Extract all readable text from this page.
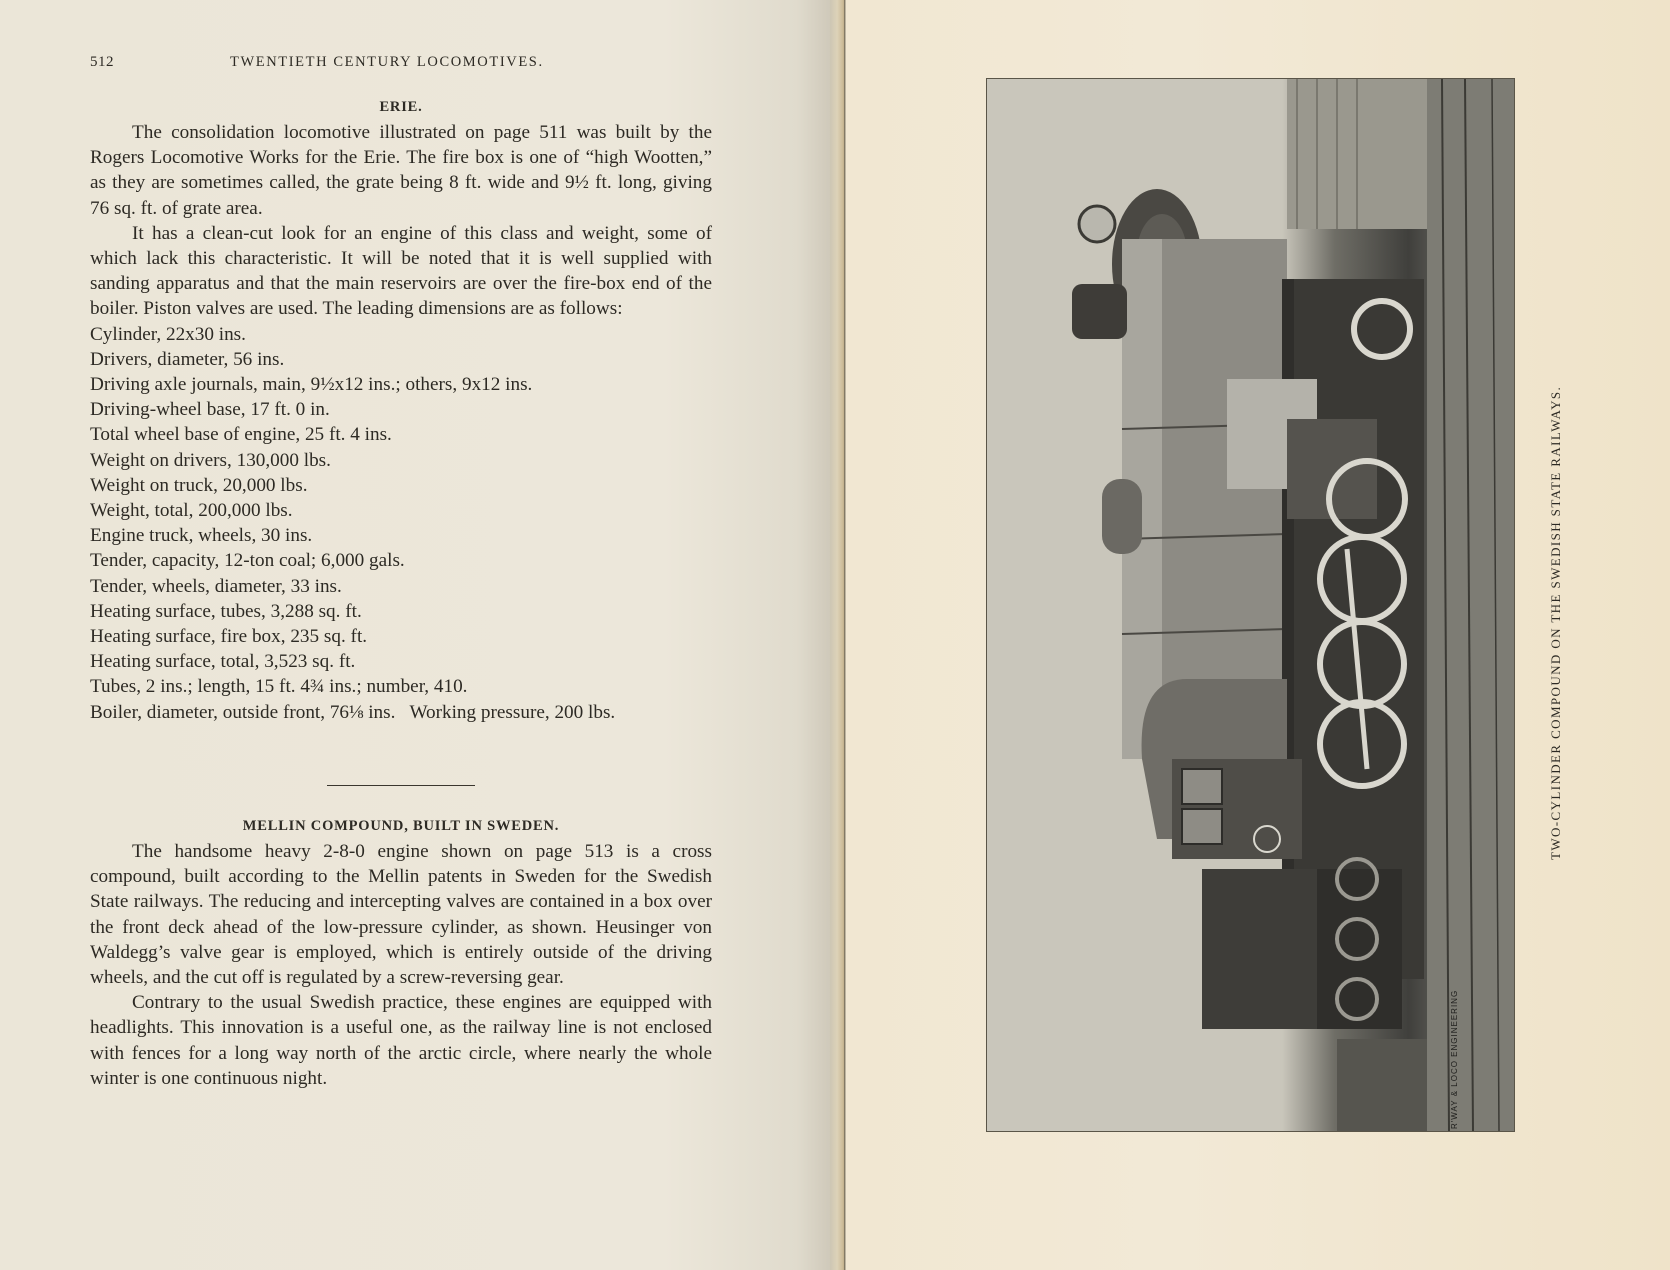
512	TWENTIETH CENTURY LOCOMOTIVES.
ERIE.

The consolidation locomotive illustrated on page 511 was built by the Rogers Locomotive Works for the Erie. The fire box is one of “high Wootten,” as they are sometimes called, the grate being 8 ft. wide and 9½ ft. long, giving 76 sq. ft. of grate area.

It has a clean-cut look for an engine of this class and weight, some of which lack this characteristic. It will be noted that it is well supplied with sanding apparatus and that the main reservoirs are over the fire-box end of the boiler. Piston valves are used. The leading dimensions are as follows:

Cylinder, 22x30 ins.
Drivers, diameter, 56 ins.
Driving axle journals, main, 9½x12 ins.; others, 9x12 ins.
Driving-wheel base, 17 ft. 0 in.
Total wheel base of engine, 25 ft. 4 ins.
Weight on drivers, 130,000 lbs.
Weight on truck, 20,000 lbs.
Weight, total, 200,000 lbs.
Engine truck, wheels, 30 ins.
Tender, capacity, 12-ton coal; 6,000 gals.
Tender, wheels, diameter, 33 ins.
Heating surface, tubes, 3,288 sq. ft.
Heating surface, fire box, 235 sq. ft.
Heating surface, total, 3,523 sq. ft.
Tubes, 2 ins.; length, 15 ft. 4¾ ins.; number, 410.
Boiler, diameter, outside front, 76⅛ ins.   Working pressure, 200 lbs.
MELLIN COMPOUND, BUILT IN SWEDEN.

The handsome heavy 2-8-0 engine shown on page 513 is a cross compound, built according to the Mellin patents in Sweden for the Swedish State railways. The reducing and intercepting valves are contained in a box over the front deck ahead of the low-pressure cylinder, as shown. Heusinger von Waldegg’s valve gear is employed, which is entirely outside of the driving wheels, and the cut off is regulated by a screw-reversing gear.

Contrary to the usual Swedish practice, these engines are equipped with headlights. This innovation is a useful one, as the railway line is not enclosed with fences for a long way north of the arctic circle, where nearly the whole winter is one continuous night.	R'WAY & LOCO ENGINEERING
TWO-CYLINDER COMPOUND ON THE SWEDISH STATE RAILWAYS.
